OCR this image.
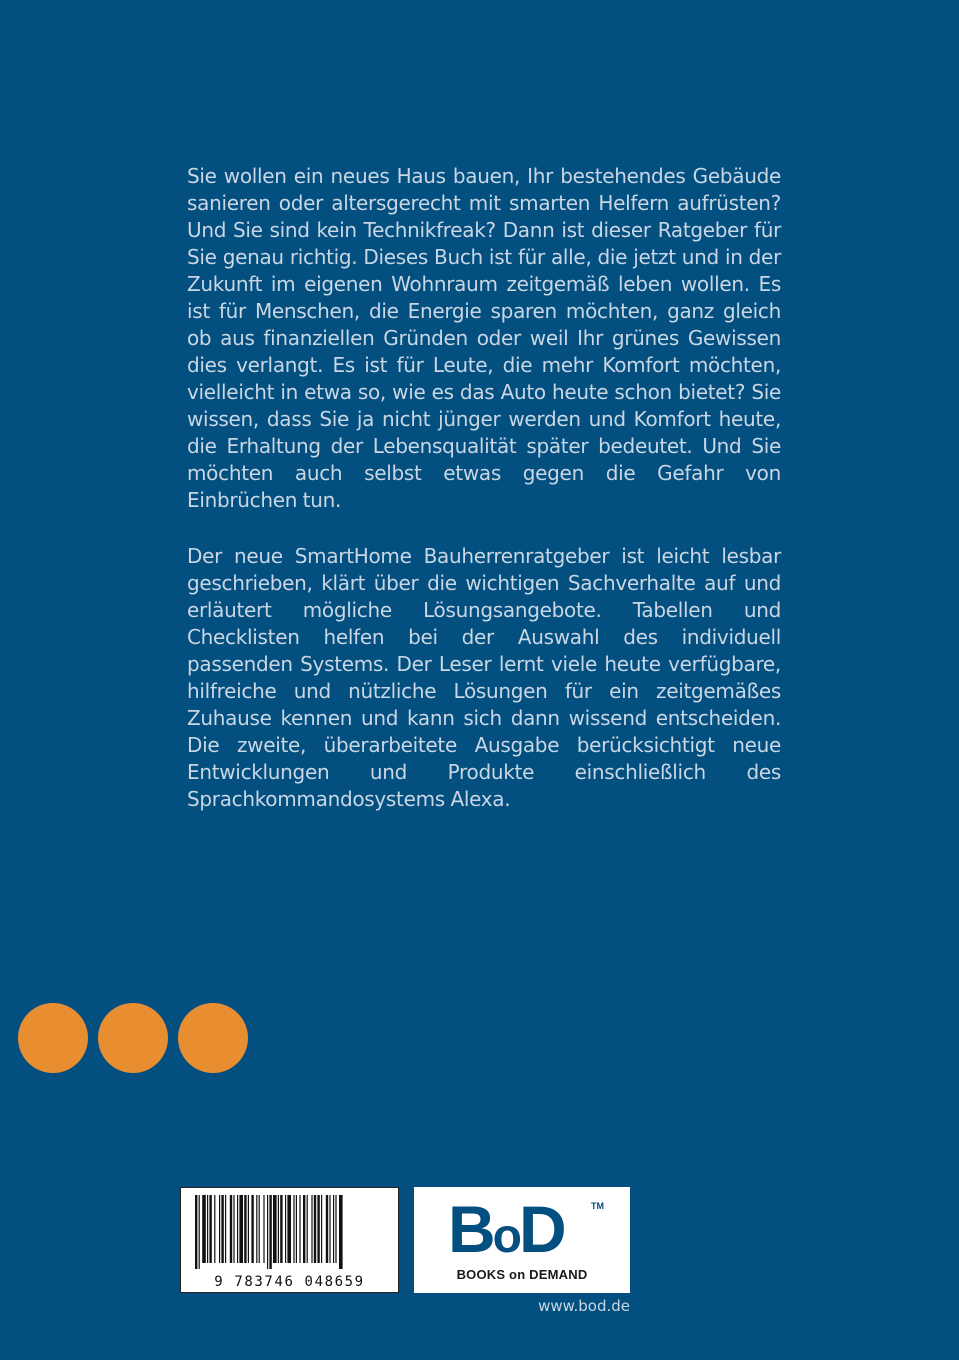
Sie wollen ein neues Haus bauen, Ihr bestehendes Gebäude sanieren oder altersgerecht mit smarten Helfern aufrüsten? Und Sie sind kein Technikfreak? Dann ist dieser Ratgeber für Sie genau richtig. Dieses Buch ist für alle, die jetzt und in der Zukunft im eigenen Wohnraum zeitgemäß leben wollen. Es ist für Menschen, die Energie sparen möchten, ganz gleich ob aus finanziellen Gründen oder weil Ihr grünes Gewissen dies verlangt. Es ist für Leute, die mehr Komfort möchten, vielleicht in etwa so, wie es das Auto heute schon bietet? Sie wissen, dass Sie ja nicht jünger werden und Komfort heute, die Erhaltung der Lebensqualität später bedeutet. Und Sie möchten auch selbst etwas gegen die Gefahr von Einbrüchen tun.

Der neue SmartHome Bauherrenratgeber ist leicht lesbar geschrieben, klärt über die wichtigen Sachverhalte auf und erläutert mögliche Lösungsangebote. Tabellen und Checklisten helfen bei der Auswahl des individuell passenden Systems. Der Leser lernt viele heute verfügbare, hilfreiche und nützliche Lösungen für ein zeitgemäßes Zuhause kennen und kann sich dann wissend entscheiden. Die zweite, überarbeitete Ausgabe berücksichtigt neue Entwicklungen und Produkte einschließlich des Sprachkommandosystems Alexa.

9 783746 048659
BoD	TM
BOOKS on DEMAND
www.bod.de
